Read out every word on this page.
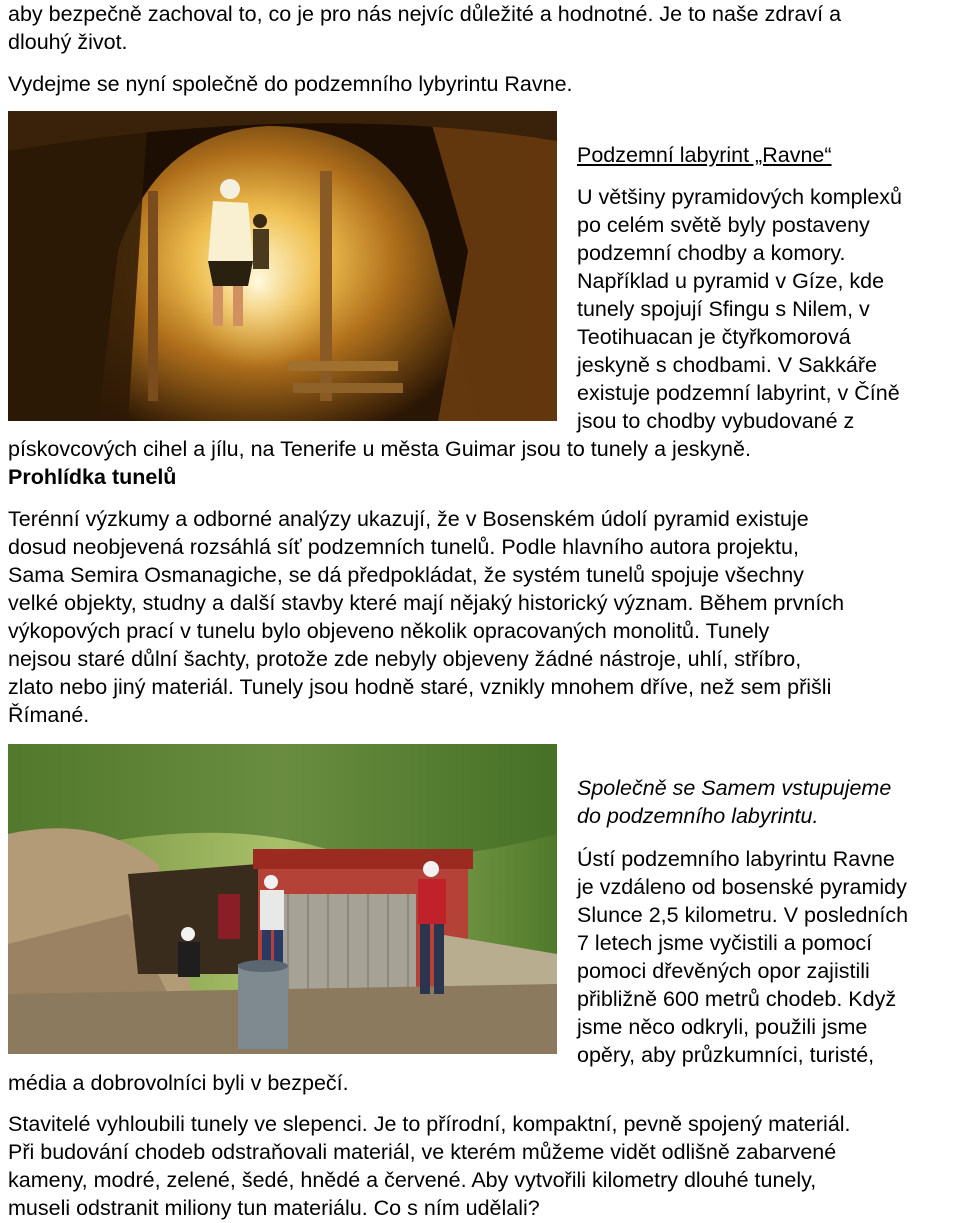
aby bezpečně zachoval to, co je pro nás nejvíc důležité a hodnotné. Je to naše zdraví a
dlouhý život.
Vydejme se nyní společně do podzemního lybyrintu Ravne.
Podzemní labyrint „Ravne“
U většiny pyramidových komplexů
po celém světě byly postaveny
podzemní chodby a komory.
Například u pyramid v Gíze, kde
tunely spojují Sfingu s Nilem, v
Teotihuacan je čtyřkomorová
jeskyně s chodbami. V Sakkáře
existuje podzemní labyrint, v Číně
jsou to chodby vybudované z
pískovcových cihel a jílu, na Tenerife u města Guimar jsou to tunely a jeskyně.
Prohlídka tunelů
Terénní výzkumy a odborné analýzy ukazují, že v Bosenském údolí pyramid existuje
dosud neobjevená rozsáhlá síť podzemních tunelů. Podle hlavního autora projektu,
Sama Semira Osmanagiche, se dá předpokládat, že systém tunelů spojuje všechny
velké objekty, studny a další stavby které mají nějaký historický význam. Během prvních
výkopových prací v tunelu bylo objeveno několik opracovaných monolitů. Tunely
nejsou staré důlní šachty, protože zde nebyly objeveny žádné nástroje, uhlí, stříbro,
zlato nebo jiný materiál. Tunely jsou hodně staré, vznikly mnohem dříve, než sem přišli
Římané.
Společně se Samem vstupujeme
do podzemního labyrintu.
Ústí podzemního labyrintu Ravne
je vzdáleno od bosenské pyramidy
Slunce 2,5 kilometru. V posledních
7 letech jsme vyčistili a pomocí
pomoci dřevěných opor zajistili
přibližně 600 metrů chodeb. Když
jsme něco odkryli, použili jsme
opěry, aby průzkumníci, turisté,
média a dobrovolníci byli v bezpečí.
Stavitelé vyhloubili tunely ve slepenci. Je to přírodní, kompaktní, pevně spojený materiál.
Při budování chodeb odstraňovali materiál, ve kterém můžeme vidět odlišně zabarvené
kameny, modré, zelené, šedé, hnědé a červené. Aby vytvořili kilometry dlouhé tunely,
museli odstranit miliony tun materiálu. Co s ním udělali?
